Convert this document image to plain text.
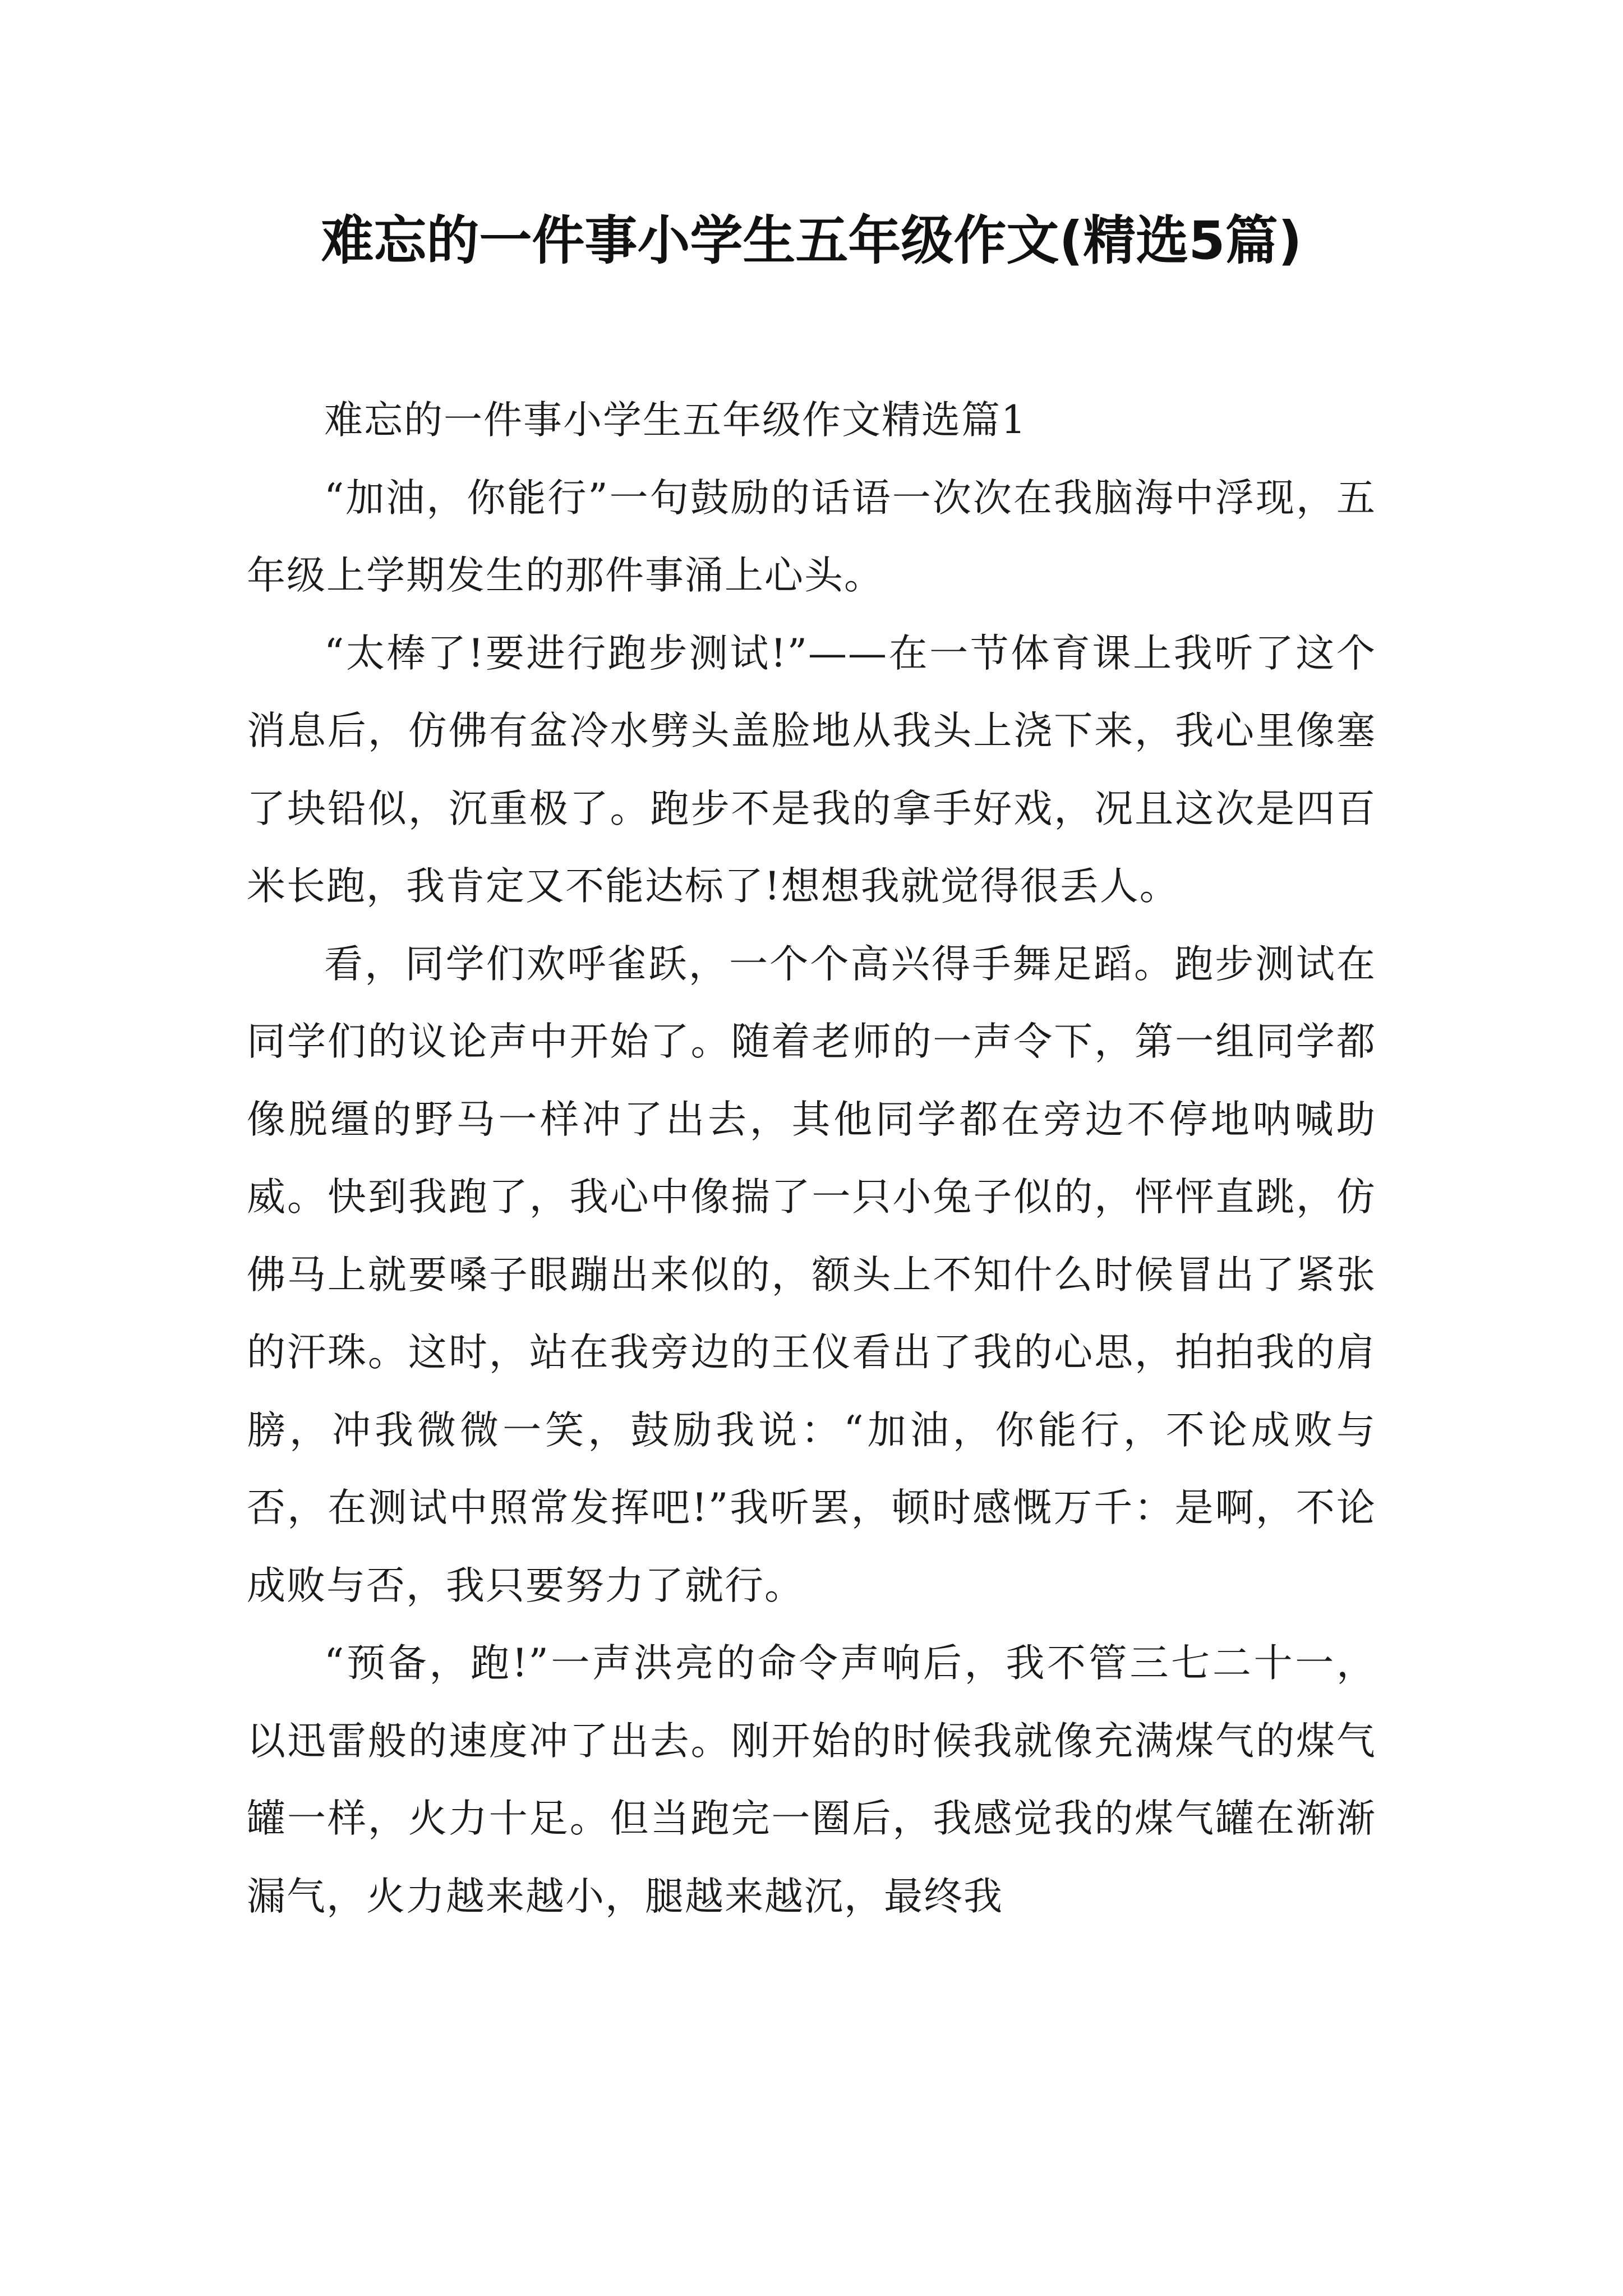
难忘的一件事小学生五年级作文(精选5篇)

难忘的一件事小学生五年级作文精选篇1

“加油，你能行”一句鼓励的话语一次次在我脑海中浮现，五年级上学期发生的那件事涌上心头。

“太棒了!要进行跑步测试!”——在一节体育课上我听了这个消息后，仿佛有盆冷水劈头盖脸地从我头上浇下来，我心里像塞了块铅似，沉重极了。跑步不是我的拿手好戏，况且这次是四百米长跑，我肯定又不能达标了!想想我就觉得很丢人。

看，同学们欢呼雀跃，一个个高兴得手舞足蹈。跑步测试在同学们的议论声中开始了。随着老师的一声令下，第一组同学都像脱缰的野马一样冲了出去，其他同学都在旁边不停地呐喊助威。快到我跑了，我心中像揣了一只小兔子似的，怦怦直跳，仿佛马上就要嗓子眼蹦出来似的，额头上不知什么时候冒出了紧张的汗珠。这时，站在我旁边的王仪看出了我的心思，拍拍我的肩膀，冲我微微一笑，鼓励我说：“加油，你能行，不论成败与否，在测试中照常发挥吧!”我听罢，顿时感慨万千：是啊，不论成败与否，我只要努力了就行。

“预备，跑!”一声洪亮的命令声响后，我不管三七二十一，以迅雷般的速度冲了出去。刚开始的时候我就像充满煤气的煤气罐一样，火力十足。但当跑完一圈后，我感觉我的煤气罐在渐渐漏气，火力越来越小，腿越来越沉，最终我
